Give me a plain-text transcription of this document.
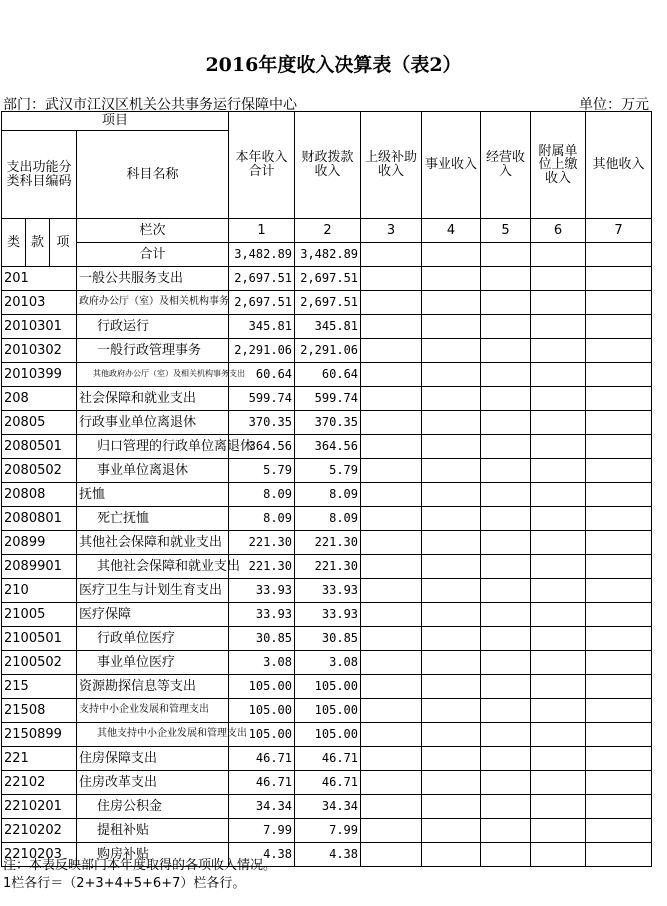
2016年度收入决算表（表2）
部门：武汉市江汉区机关公共事务运行保障中心	单位：万元
项目				本年收入合计	财政拨款收入	上级补助收入	事业收入	经营收入	附属单位上缴收入	其他收入
支出功能分类科目编码			科目名称							
类	款	项	栏次	1	2	3	4	5	6	7
			合计	3,482.89	3,482.89					
201			一般公共服务支出	2,697.51	2,697.51					
20103			政府办公厅（室）及相关机构事务	2,697.51	2,697.51					
2010301			行政运行	345.81	345.81					
2010302			一般行政管理事务	2,291.06	2,291.06					
2010399			其他政府办公厅（室）及相关机构事务支出	60.64	60.64					
208			社会保障和就业支出	599.74	599.74					
20805			行政事业单位离退休	370.35	370.35					
2080501			归口管理的行政单位离退休	364.56	364.56					
2080502			事业单位离退休	5.79	5.79					
20808			抚恤	8.09	8.09					
2080801			死亡抚恤	8.09	8.09					
20899			其他社会保障和就业支出	221.30	221.30					
2089901			其他社会保障和就业支出	221.30	221.30					
210			医疗卫生与计划生育支出	33.93	33.93					
21005			医疗保障	33.93	33.93					
2100501			行政单位医疗	30.85	30.85					
2100502			事业单位医疗	3.08	3.08					
215			资源勘探信息等支出	105.00	105.00					
21508			支持中小企业发展和管理支出	105.00	105.00					
2150899			其他支持中小企业发展和管理支出	105.00	105.00					
221			住房保障支出	46.71	46.71					
22102			住房改革支出	46.71	46.71					
2210201			住房公积金	34.34	34.34					
2210202			提租补贴	7.99	7.99					
2210203			购房补贴	4.38	4.38					
注：本表反映部门本年度取得的各项收入情况。
1栏各行＝（2+3+4+5+6+7）栏各行。
